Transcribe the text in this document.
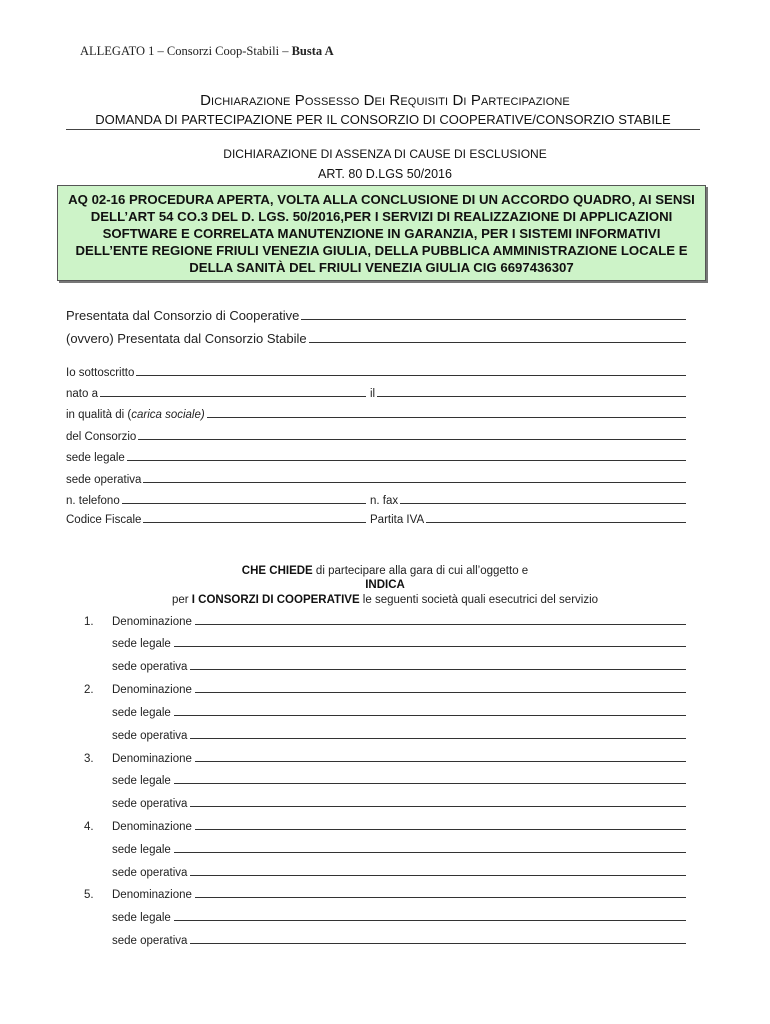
ALLEGATO 1 – Consorzi Coop-Stabili – Busta A
Dichiarazione Possesso Dei Requisiti Di Partecipazione
DOMANDA DI PARTECIPAZIONE PER IL CONSORZIO DI COOPERATIVE/CONSORZIO STABILE
DICHIARAZIONE DI ASSENZA DI CAUSE DI ESCLUSIONE
ART. 80 D.LGS 50/2016
AQ 02-16 PROCEDURA APERTA, VOLTA ALLA CONCLUSIONE DI UN ACCORDO QUADRO, AI SENSI DELL’ART 54 CO.3 DEL D. LGS. 50/2016,PER I SERVIZI DI REALIZZAZIONE DI APPLICAZIONI SOFTWARE E CORRELATA MANUTENZIONE IN GARANZIA, PER I SISTEMI INFORMATIVI DELL’ENTE REGIONE FRIULI VENEZIA GIULIA, DELLA PUBBLICA AMMINISTRAZIONE LOCALE E DELLA SANITÀ DEL FRIULI VENEZIA GIULIA CIG 6697436307
Presentata dal Consorzio di Cooperative
(ovvero) Presentata dal Consorzio Stabile
Io sottoscritto
nato a	il
in qualità di (carica sociale)
del Consorzio
sede legale
sede operativa
n. telefono	n. fax
Codice Fiscale	Partita IVA
CHE CHIEDE di partecipare alla gara di cui all’oggetto e
INDICA
per I CONSORZI DI COOPERATIVE le seguenti società quali esecutrici del servizio
1.	Denominazione
sede legale
sede operativa
2.	Denominazione
sede legale
sede operativa
3.	Denominazione
sede legale
sede operativa
4.	Denominazione
sede legale
sede operativa
5.	Denominazione
sede legale
sede operativa
